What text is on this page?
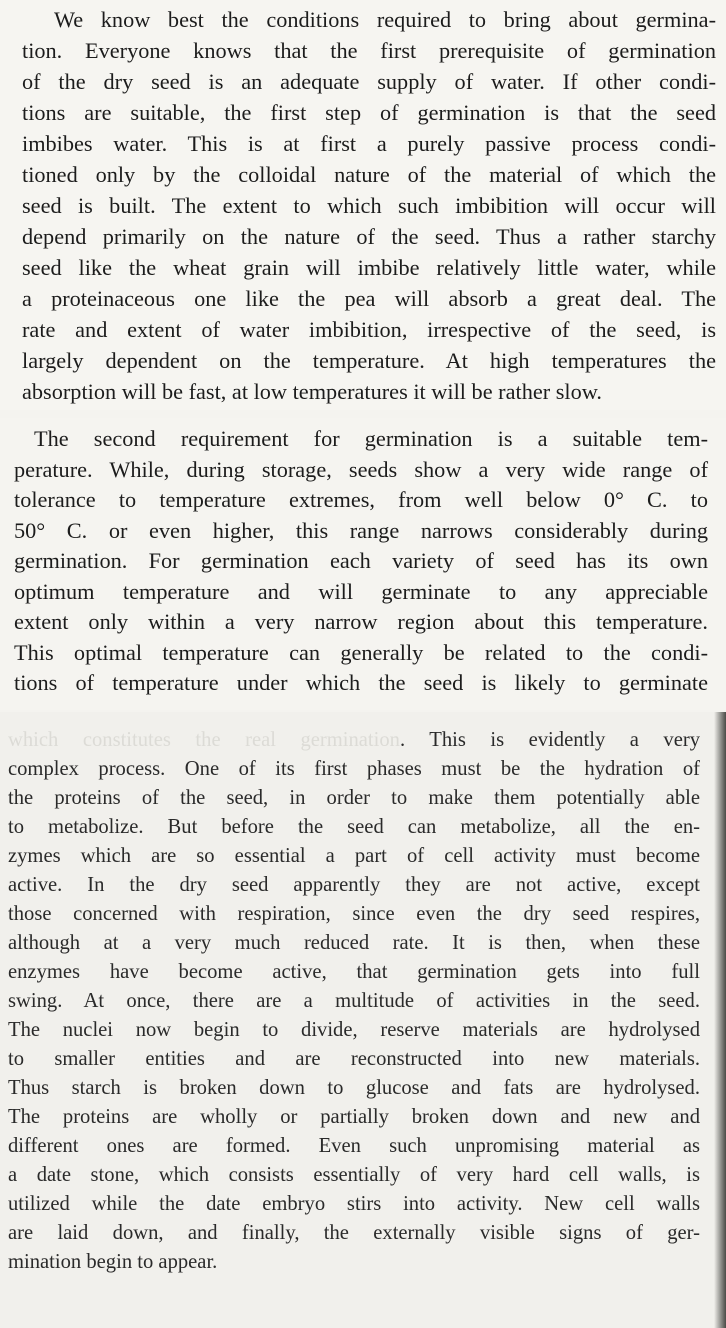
We know best the conditions required to bring about germina-
tion. Everyone knows that the first prerequisite of germination
of the dry seed is an adequate supply of water. If other condi-
tions are suitable, the first step of germination is that the seed
imbibes water. This is at first a purely passive process condi-
tioned only by the colloidal nature of the material of which the
seed is built. The extent to which such imbibition will occur will
depend primarily on the nature of the seed. Thus a rather starchy
seed like the wheat grain will imbibe relatively little water, while
a proteinaceous one like the pea will absorb a great deal. The
rate and extent of water imbibition, irrespective of the seed, is
largely dependent on the temperature. At high temperatures the
absorption will be fast, at low temperatures it will be rather slow.
The second requirement for germination is a suitable tem-
perature. While, during storage, seeds show a very wide range of
tolerance to temperature extremes, from well below 0° C. to
50° C. or even higher, this range narrows considerably during
germination. For germination each variety of seed has its own
optimum temperature and will germinate to any appreciable
extent only within a very narrow region about this temperature.
This optimal temperature can generally be related to the condi-
tions of temperature under which the seed is likely to germinate
which constitutes the real germination. This is evidently a very
complex process. One of its first phases must be the hydration of
the proteins of the seed, in order to make them potentially able
to metabolize. But before the seed can metabolize, all the en-
zymes which are so essential a part of cell activity must become
active. In the dry seed apparently they are not active, except
those concerned with respiration, since even the dry seed respires,
although at a very much reduced rate. It is then, when these
enzymes have become active, that germination gets into full
swing. At once, there are a multitude of activities in the seed.
The nuclei now begin to divide, reserve materials are hydrolysed
to smaller entities and are reconstructed into new materials.
Thus starch is broken down to glucose and fats are hydrolysed.
The proteins are wholly or partially broken down and new and
different ones are formed. Even such unpromising material as
a date stone, which consists essentially of very hard cell walls, is
utilized while the date embryo stirs into activity. New cell walls
are laid down, and finally, the externally visible signs of ger-
mination begin to appear.
